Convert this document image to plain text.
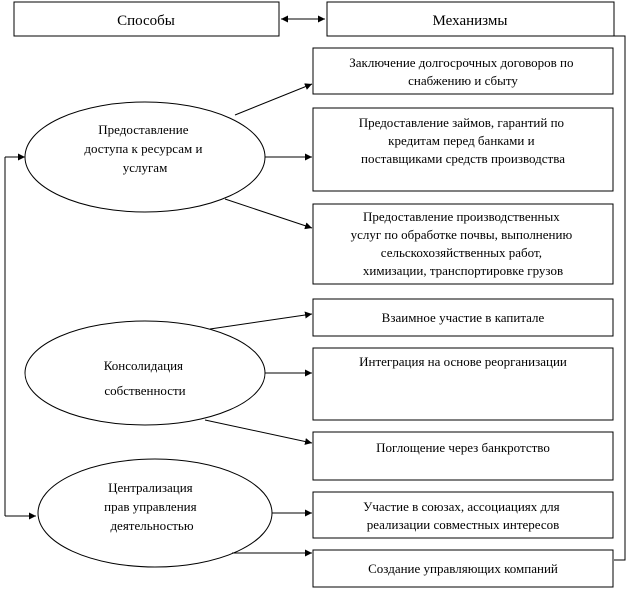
Способы	Механизмы
Предоставление доступа к ресурсам и услугам
Консолидация собственности
Централизация прав управления деятельностью
Заключение долгосрочных договоров по снабжению и сбыту
Предоставление займов, гарантий по кредитам перед банками и поставщиками средств производства
Предоставление производственных услуг по обработке почвы, выполнению сельскохозяйственных работ, химизации, транспортировке грузов
Взаимное участие в капитале
Интеграция на основе реорганизации
Поглощение через банкротство
Участие в союзах, ассоциациях для реализации совместных интересов
Создание управляющих компаний
